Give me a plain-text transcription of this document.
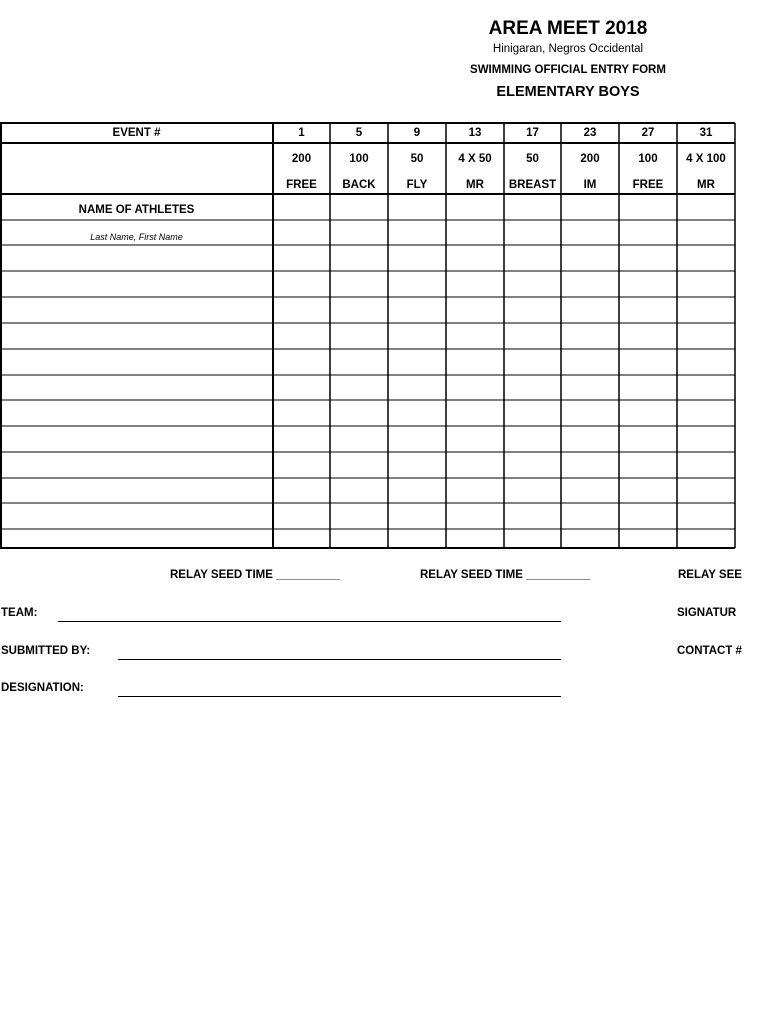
AREA MEET 2018
Hinigaran, Negros Occidental
SWIMMING OFFICIAL ENTRY FORM
ELEMENTARY BOYS
EVENT #
NAME OF ATHLETES
Last Name, First Name
1
200
FREE
5
100
BACK
9
50
FLY
13
4 X 50
MR
17
50
BREAST
23
200
IM
27
100
FREE
31
4 X 100
MR
RELAY SEED TIME __________	RELAY SEED TIME __________	RELAY SEE
TEAM:
SUBMITTED BY:
DESIGNATION:
SIGNATUR
CONTACT #
